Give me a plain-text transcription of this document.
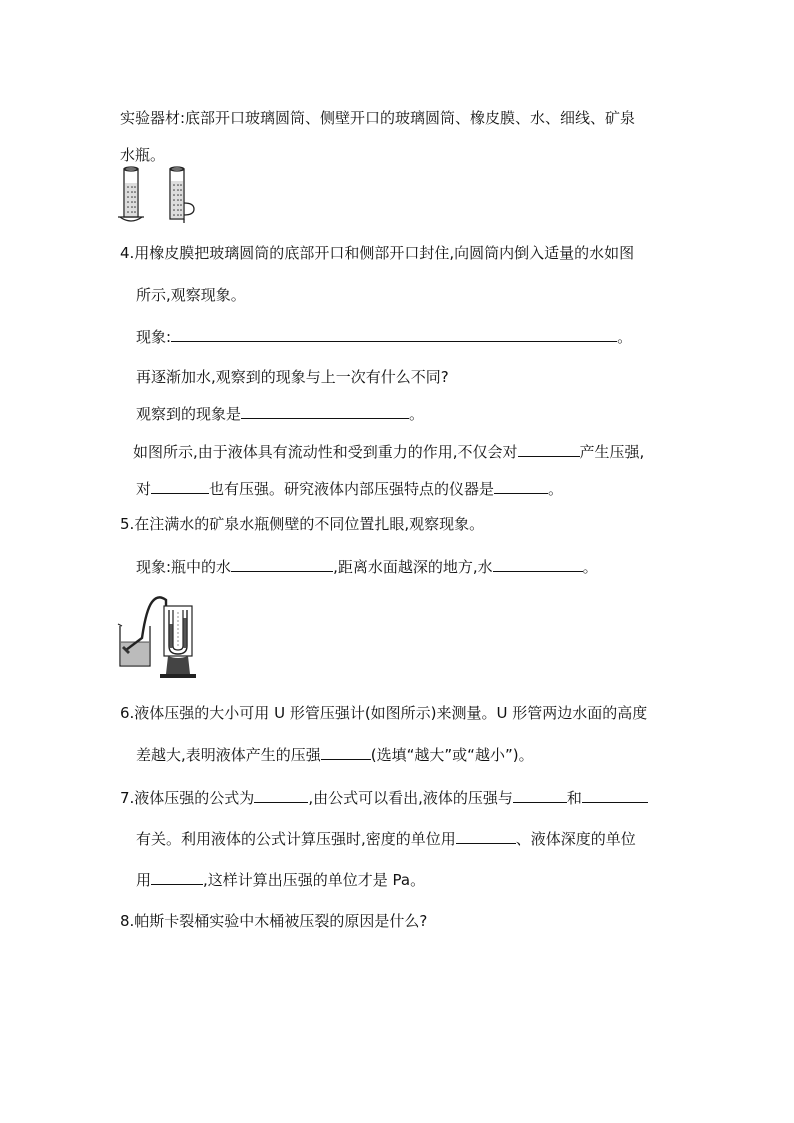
实验器材:底部开口玻璃圆筒、侧壁开口的玻璃圆筒、橡皮膜、水、细线、矿泉
水瓶。
4.用橡皮膜把玻璃圆筒的底部开口和侧部开口封住,向圆筒内倒入适量的水如图
所示,观察现象。
现象:	。
再逐渐加水,观察到的现象与上一次有什么不同?
观察到的现象是	。
如图所示,由于液体具有流动性和受到重力的作用,不仅会对	产生压强,
对	也有压强。研究液体内部压强特点的仪器是	。
5.在注满水的矿泉水瓶侧壁的不同位置扎眼,观察现象。
现象:瓶中的水	,距离水面越深的地方,水	。
6.液体压强的大小可用 U 形管压强计(如图所示)来测量。U 形管两边水面的高度
差越大,表明液体产生的压强	(选填“越大”或“越小”)。
7.液体压强的公式为	,由公式可以看出,液体的压强与	和
有关。利用液体的公式计算压强时,密度的单位用	、液体深度的单位
用	,这样计算出压强的单位才是 Pa。
8.帕斯卡裂桶实验中木桶被压裂的原因是什么?
